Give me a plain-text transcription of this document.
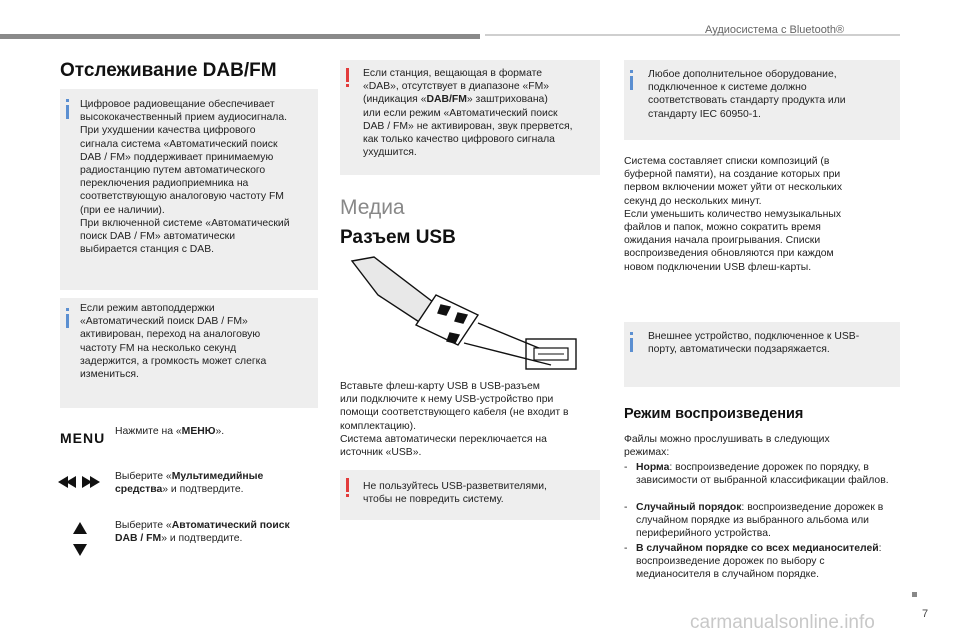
Аудиосистема с Bluetooth®
Отслеживание DAB/FM
Цифровое радиовещание обеспечивает
высококачественный прием аудиосигнала.
При ухудшении качества цифрового
сигнала система «Автоматический поиск
DAB / FM» поддерживает принимаемую
радиостанцию путем автоматического
переключения радиоприемника на
соответствующую аналоговую частоту FM
(при ее наличии).
При включенной системе «Автоматический
поиск DAB / FM» автоматически
выбирается станция с DAB.
Если режим автоподдержки
«Автоматический поиск DAB / FM»
активирован, переход на аналоговую
частоту FM на несколько секунд
задержится, а громкость может слегка
измениться.
MENU Нажмите на «МЕНЮ».
Выберите «Мультимедийные
средства» и подтвердите.
Выберите «Автоматический поиск
DAB / FM» и подтвердите.
Если станция, вещающая в формате
«DAB», отсутствует в диапазоне «FM»
(индикация «DAB/FM» заштрихована)
или если режим «Автоматический поиск
DAB / FM» не активирован, звук прервется,
как только качество цифрового сигнала
ухудшится.
Медиа
Разъем USB
Вставьте флеш-карту USB в USB-разъем
или подключите к нему USB-устройство при
помощи соответствующего кабеля (не входит в
комплектацию).
Система автоматически переключается на
источник «USB».
Не пользуйтесь USB-разветвителями,
чтобы не повредить систему.
Любое дополнительное оборудование,
подключенное к системе должно
соответствовать стандарту продукта или
стандарту IEC 60950-1.
Система составляет списки композиций (в
буферной памяти), на создание которых при
первом включении может уйти от нескольких
секунд до нескольких минут.
Если уменьшить количество немузыкальных
файлов и папок, можно сократить время
ожидания начала проигрывания. Списки
воспроизведения обновляются при каждом
новом подключении USB флеш-карты.
Внешнее устройство, подключенное к USB-
порту, автоматически подзаряжается.
Режим воспроизведения
Файлы можно прослушивать в следующих
режимах:
- Норма: воспроизведение дорожек по порядку, в зависимости от выбранной классификации файлов.
- Случайный порядок: воспроизведение дорожек в случайном порядке из выбранного альбома или периферийного устройства.
- В случайном порядке со всех медианосителей: воспроизведение дорожек по выбору с медианосителя в случайном порядке.
7
carmanualsonline.info
